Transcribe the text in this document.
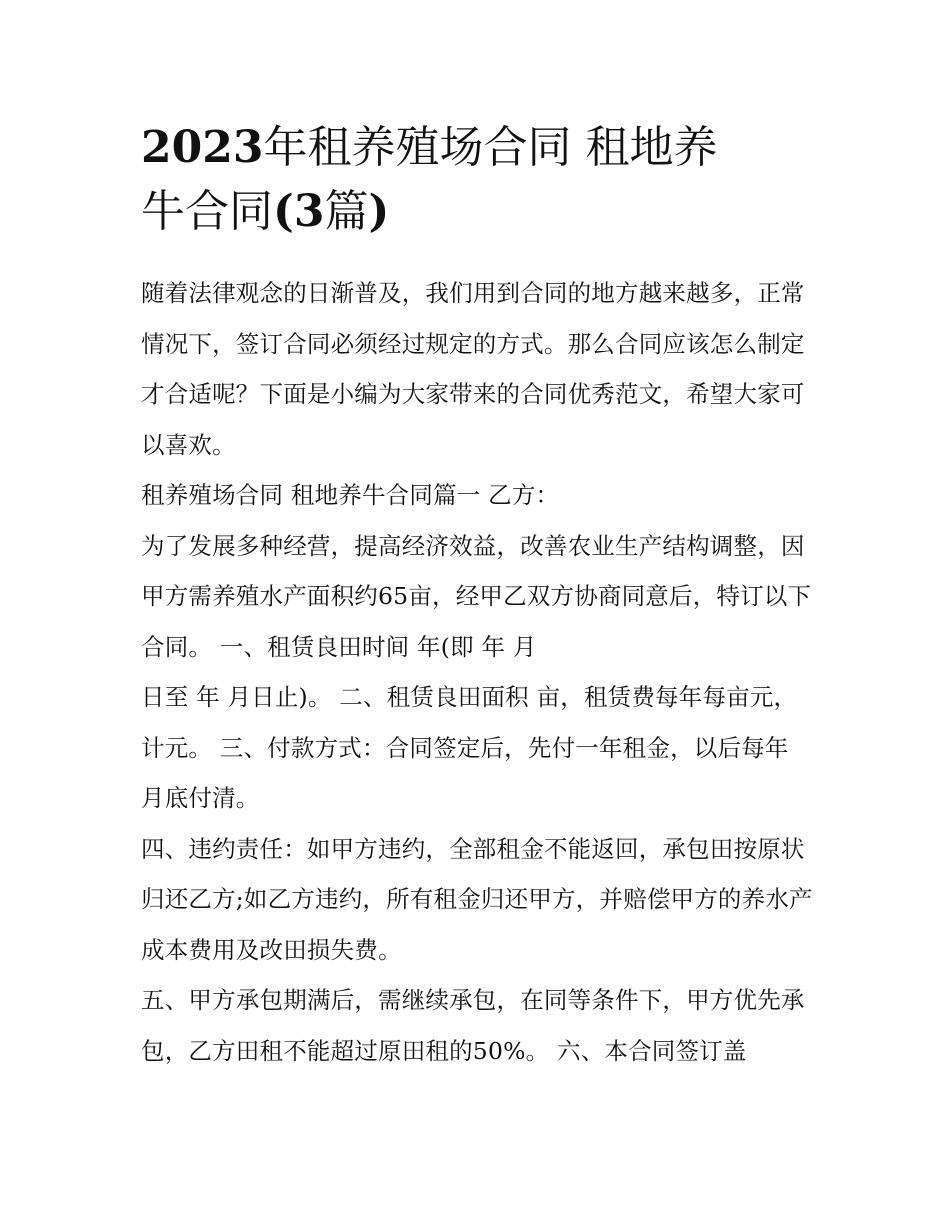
2023年租养殖场合同 租地养
牛合同(3篇)

随着法律观念的日渐普及，我们用到合同的地方越来越多，正常情况下，签订合同必须经过规定的方式。那么合同应该怎么制定才合适呢？下面是小编为大家带来的合同优秀范文，希望大家可以喜欢。

租养殖场合同 租地养牛合同篇一 乙方：

为了发展多种经营，提高经济效益，改善农业生产结构调整，因甲方需养殖水产面积约65亩，经甲乙双方协商同意后，特订以下合同。 一、租赁良田时间 年(即 年 月

日至 年 月日止)。 二、租赁良田面积 亩，租赁费每年每亩元，计元。 三、付款方式：合同签定后，先付一年租金，以后每年 月底付清。

四、违约责任：如甲方违约，全部租金不能返回，承包田按原状归还乙方;如乙方违约，所有租金归还甲方，并赔偿甲方的养水产成本费用及改田损失费。

五、甲方承包期满后，需继续承包，在同等条件下，甲方优先承包，乙方田租不能超过原田租的50%。 六、本合同签订盖
